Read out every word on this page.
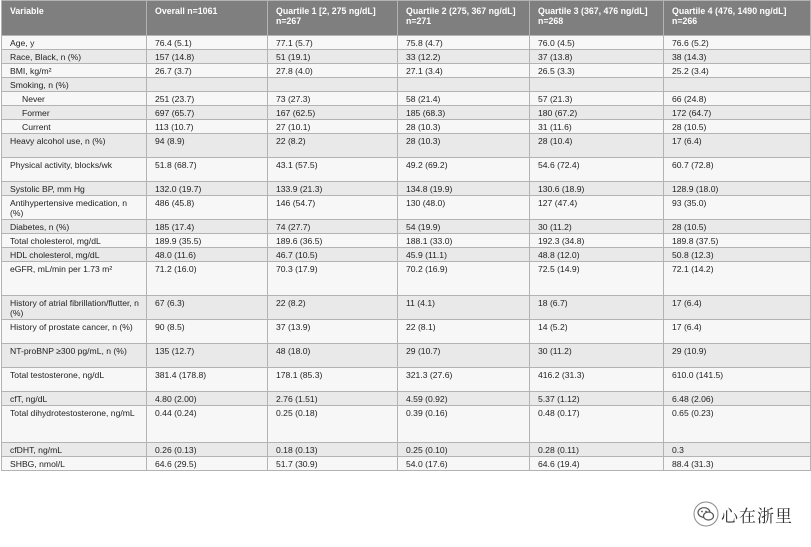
Variable	Overall n=1061	Quartile 1 [2, 275 ng/dL] n=267	Quartile 2 (275, 367 ng/dL] n=271	Quartile 3 (367, 476 ng/dL] n=268	Quartile 4 (476, 1490 ng/dL] n=266
Age, y	76.4 (5.1)	77.1 (5.7)	75.8 (4.7)	76.0 (4.5)	76.6 (5.2)
Race, Black, n (%)	157 (14.8)	51 (19.1)	33 (12.2)	37 (13.8)	38 (14.3)
BMI, kg/m²	26.7 (3.7)	27.8 (4.0)	27.1 (3.4)	26.5 (3.3)	25.2 (3.4)
Smoking, n (%)					
Never	251 (23.7)	73 (27.3)	58 (21.4)	57 (21.3)	66 (24.8)
Former	697 (65.7)	167 (62.5)	185 (68.3)	180 (67.2)	172 (64.7)
Current	113 (10.7)	27 (10.1)	28 (10.3)	31 (11.6)	28 (10.5)
Heavy alcohol use, n (%)	94 (8.9)	22 (8.2)	28 (10.3)	28 (10.4)	17 (6.4)
Physical activity, blocks/wk	51.8 (68.7)	43.1 (57.5)	49.2 (69.2)	54.6 (72.4)	60.7 (72.8)
Systolic BP, mm Hg	132.0 (19.7)	133.9 (21.3)	134.8 (19.9)	130.6 (18.9)	128.9 (18.0)
Antihypertensive medication, n (%)	486 (45.8)	146 (54.7)	130 (48.0)	127 (47.4)	93 (35.0)
Diabetes, n (%)	185 (17.4)	74 (27.7)	54 (19.9)	30 (11.2)	28 (10.5)
Total cholesterol, mg/dL	189.9 (35.5)	189.6 (36.5)	188.1 (33.0)	192.3 (34.8)	189.8 (37.5)
HDL cholesterol, mg/dL	48.0 (11.6)	46.7 (10.5)	45.9 (11.1)	48.8 (12.0)	50.8 (12.3)
eGFR, mL/min per 1.73 m²	71.2 (16.0)	70.3 (17.9)	70.2 (16.9)	72.5 (14.9)	72.1 (14.2)
History of atrial fibrillation/flutter, n (%)	67 (6.3)	22 (8.2)	11 (4.1)	18 (6.7)	17 (6.4)
History of prostate cancer, n (%)	90 (8.5)	37 (13.9)	22 (8.1)	14 (5.2)	17 (6.4)
NT-proBNP ≥300 pg/mL, n (%)	135 (12.7)	48 (18.0)	29 (10.7)	30 (11.2)	29 (10.9)
Total testosterone, ng/dL	381.4 (178.8)	178.1 (85.3)	321.3 (27.6)	416.2 (31.3)	610.0 (141.5)
cfT, ng/dL	4.80 (2.00)	2.76 (1.51)	4.59 (0.92)	5.37 (1.12)	6.48 (2.06)
Total dihydrotestosterone, ng/mL	0.44 (0.24)	0.25 (0.18)	0.39 (0.16)	0.48 (0.17)	0.65 (0.23)
cfDHT, ng/mL	0.26 (0.13)	0.18 (0.13)	0.25 (0.10)	0.28 (0.11)	0.3
SHBG, nmol/L	64.6 (29.5)	51.7 (30.9)	54.0 (17.6)	64.6 (19.4)	88.4 (31.3)
心在浙里
